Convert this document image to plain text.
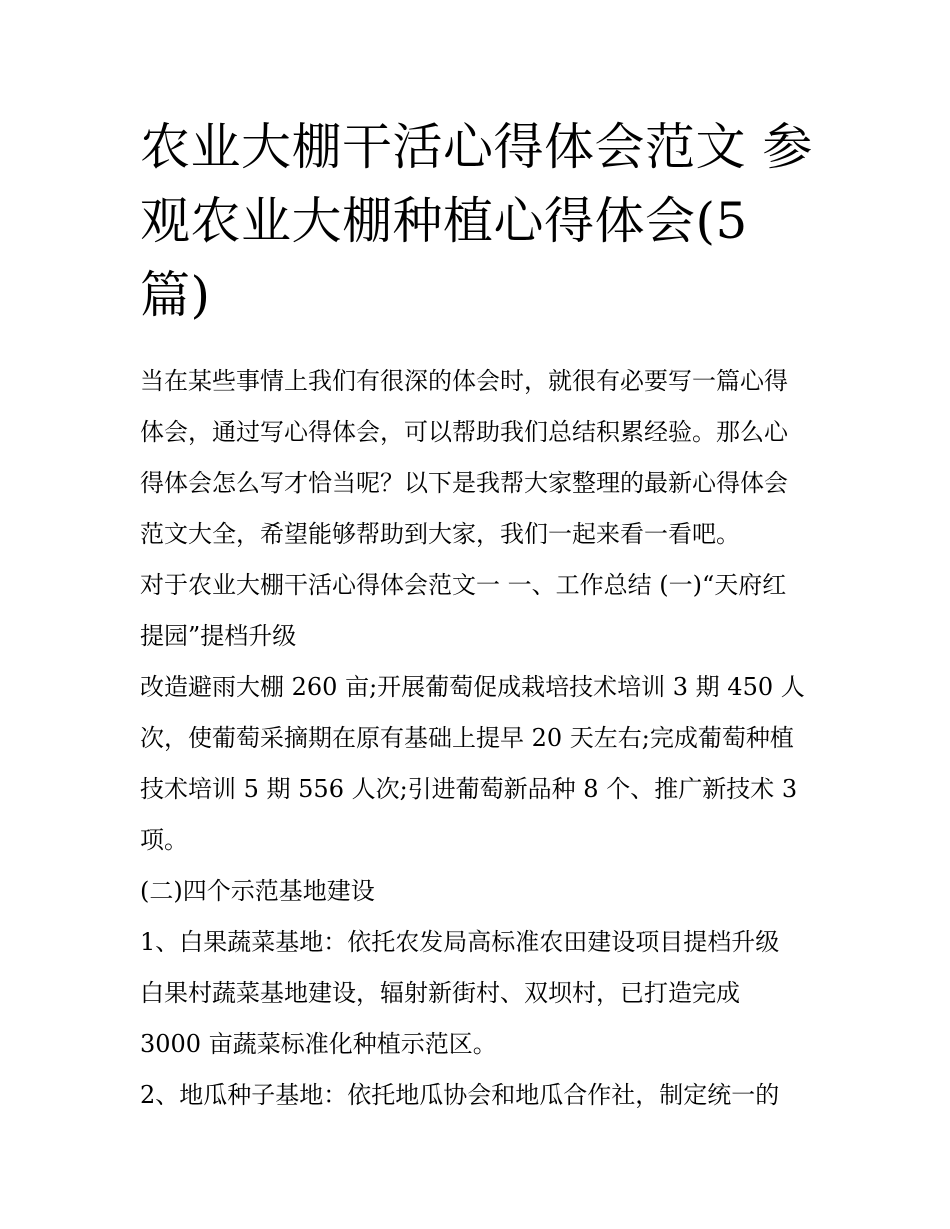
农业大棚干活心得体会范文 参
观农业大棚种植心得体会(5
篇)

当在某些事情上我们有很深的体会时，就很有必要写一篇心得
体会，通过写心得体会，可以帮助我们总结积累经验。那么心
得体会怎么写才恰当呢？以下是我帮大家整理的最新心得体会
范文大全，希望能够帮助到大家，我们一起来看一看吧。

对于农业大棚干活心得体会范文一 一、工作总结 (一)“天府红
提园”提档升级

改造避雨大棚 260 亩;开展葡萄促成栽培技术培训 3 期 450 人
次，使葡萄采摘期在原有基础上提早 20 天左右;完成葡萄种植
技术培训 5 期 556 人次;引进葡萄新品种 8 个、推广新技术 3
项。

(二)四个示范基地建设

1、白果蔬菜基地：依托农发局高标准农田建设项目提档升级
白果村蔬菜基地建设，辐射新街村、双坝村，已打造完成
3000 亩蔬菜标准化种植示范区。

2、地瓜种子基地：依托地瓜协会和地瓜合作社，制定统一的
